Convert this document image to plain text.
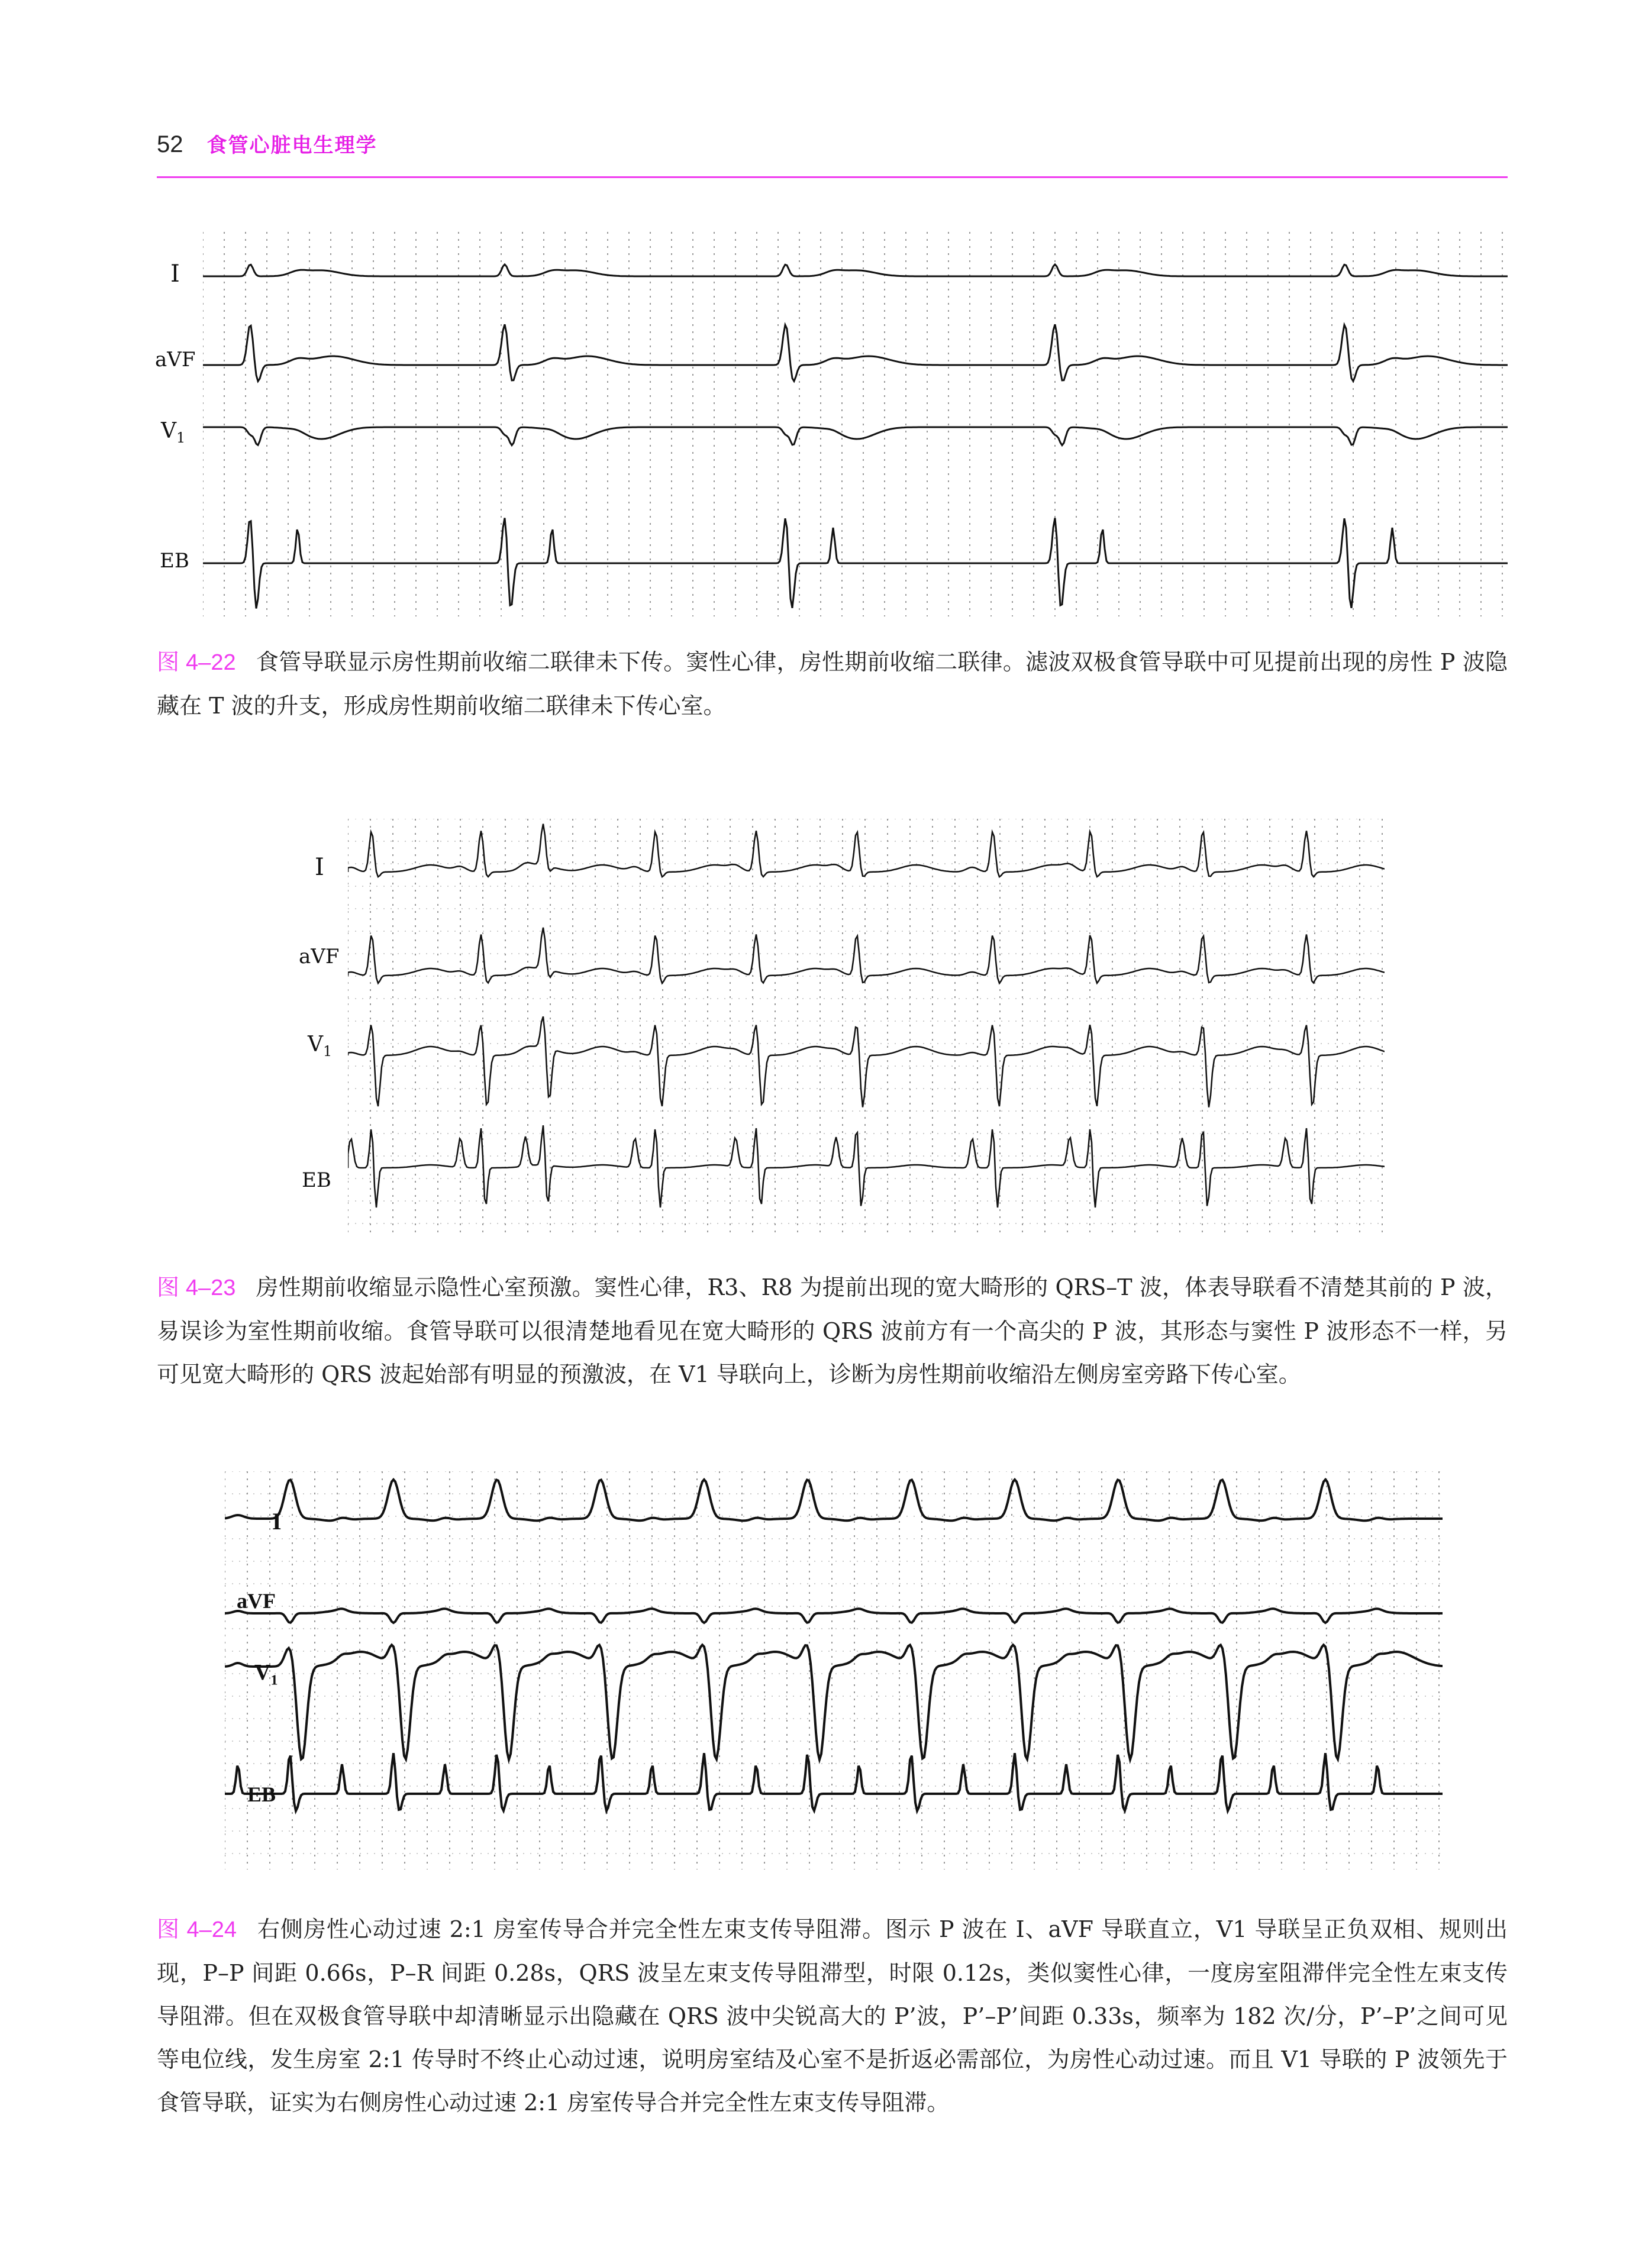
52 食管心脏电生理学
I
aVF
$V_1$
EB
图 4–22 食管导联显示房性期前收缩二联律未下传。窦性心律，房性期前收缩二联律。滤波双极食管导联中可见提前出现的房性 P 波隐藏在 T 波的升支，形成房性期前收缩二联律未下传心室。
I
aVF
$V_1$
EB
图 4–23 房性期前收缩显示隐性心室预激。窦性心律，R3、R8 为提前出现的宽大畸形的 QRS–T 波，体表导联看不清楚其前的 P 波，易误诊为室性期前收缩。食管导联可以很清楚地看见在宽大畸形的 QRS 波前方有一个高尖的 P 波，其形态与窦性 P 波形态不一样，另可见宽大畸形的 QRS 波起始部有明显的预激波，在 V1 导联向上，诊断为房性期前收缩沿左侧房室旁路下传心室。
I
aVF
$V_1$
EB
图 4–24 右侧房性心动过速 2:1 房室传导合并完全性左束支传导阻滞。图示 P 波在 I、aVF 导联直立，V1 导联呈正负双相、规则出现，P–P 间距 0.66s，P–R 间距 0.28s，QRS 波呈左束支传导阻滞型，时限 0.12s，类似窦性心律，一度房室阻滞伴完全性左束支传导阻滞。但在双极食管导联中却清晰显示出隐藏在 QRS 波中尖锐高大的 P’波，P’–P’间距 0.33s，频率为 182 次/分，P’–P’之间可见等电位线，发生房室 2:1 传导时不终止心动过速，说明房室结及心室不是折返必需部位，为房性心动过速。而且 V1 导联的 P 波领先于食管导联，证实为右侧房性心动过速 2:1 房室传导合并完全性左束支传导阻滞。
